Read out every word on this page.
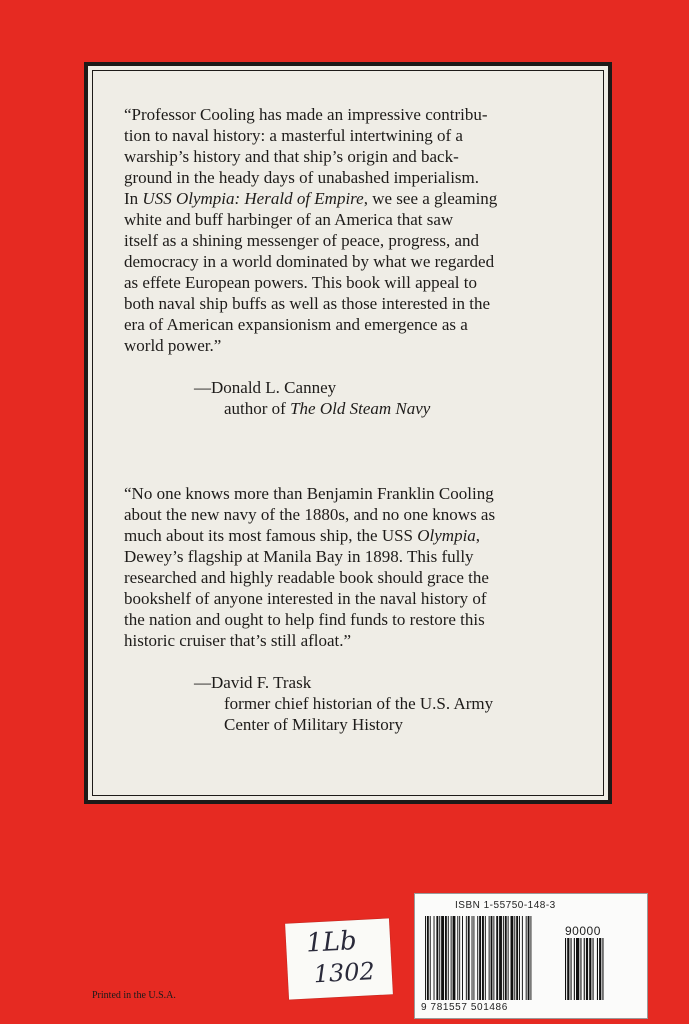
“Professor Cooling has made an impressive contribu-
tion to naval history: a masterful intertwining of a
warship’s history and that ship’s origin and back-
ground in the heady days of unabashed imperialism.
In USS Olympia: Herald of Empire, we see a gleaming
white and buff harbinger of an America that saw
itself as a shining messenger of peace, progress, and
democracy in a world dominated by what we regarded
as effete European powers. This book will appeal to
both naval ship buffs as well as those interested in the
era of American expansionism and emergence as a
world power.”

—Donald L. Canney
author of The Old Steam Navy

“No one knows more than Benjamin Franklin Cooling
about the new navy of the 1880s, and no one knows as
much about its most famous ship, the USS Olympia,
Dewey’s flagship at Manila Bay in 1898. This fully
researched and highly readable book should grace the
bookshelf of anyone interested in the naval history of
the nation and ought to help find funds to restore this
historic cruiser that’s still afloat.”

—David F. Trask
former chief historian of the U.S. Army
Center of Military History
1Lb
1302
ISBN 1-55750-148-3
90000
9 781557 501486
Printed in the U.S.A.
